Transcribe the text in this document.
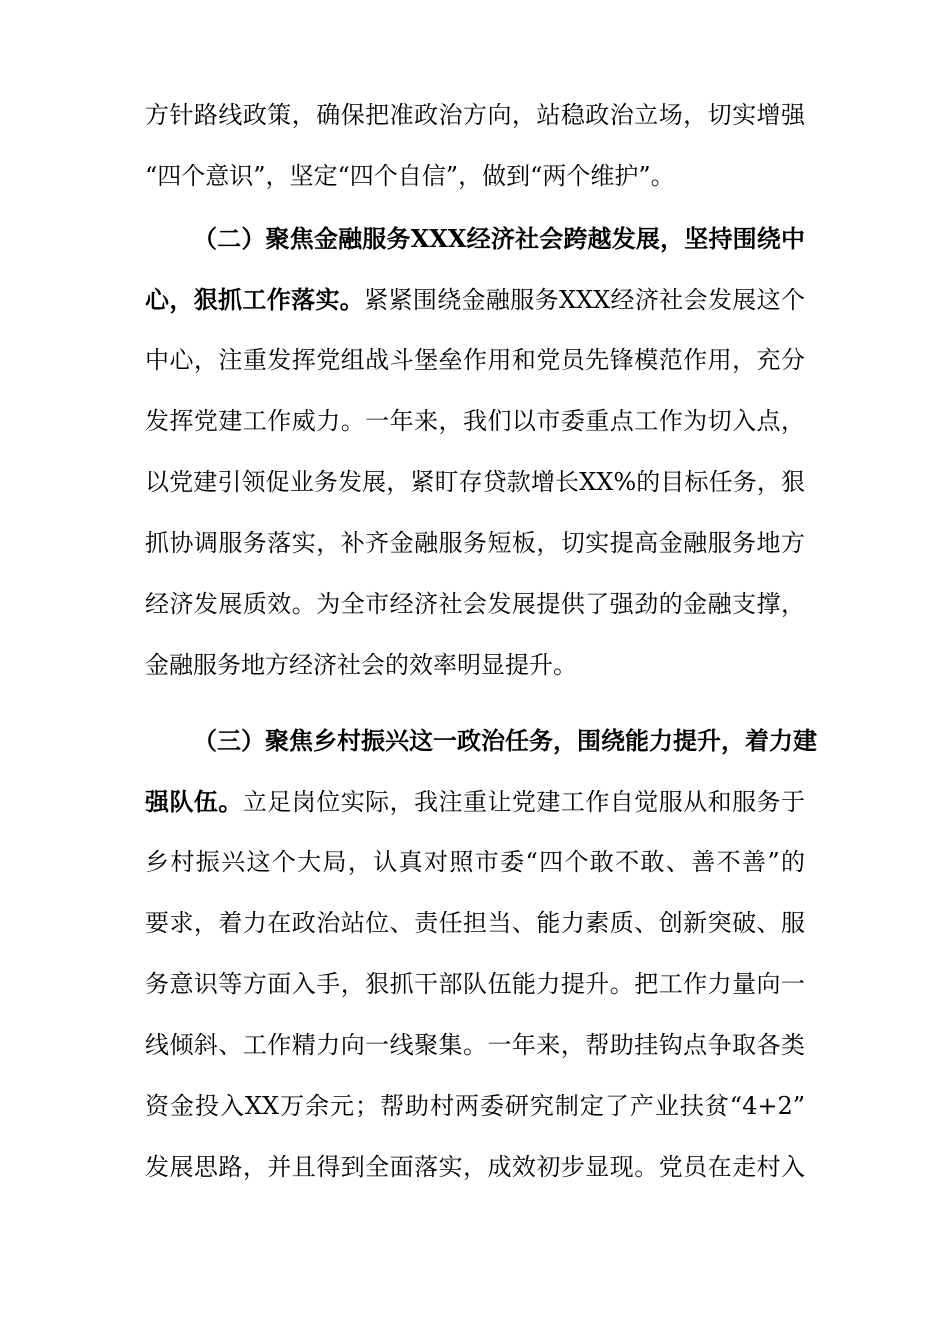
方针路线政策，确保把准政治方向，站稳政治立场，切实增强
“四个意识”，坚定“四个自信”，做到“两个维护”。
（二）聚焦金融服务XXX经济社会跨越发展，坚持围绕中
心，狠抓工作落实。紧紧围绕金融服务XXX经济社会发展这个
中心，注重发挥党组战斗堡垒作用和党员先锋模范作用，充分
发挥党建工作威力。一年来，我们以市委重点工作为切入点，
以党建引领促业务发展，紧盯存贷款增长XX%的目标任务，狠
抓协调服务落实，补齐金融服务短板，切实提高金融服务地方
经济发展质效。为全市经济社会发展提供了强劲的金融支撑，
金融服务地方经济社会的效率明显提升。
（三）聚焦乡村振兴这一政治任务，围绕能力提升，着力建
强队伍。立足岗位实际，我注重让党建工作自觉服从和服务于
乡村振兴这个大局，认真对照市委“四个敢不敢、善不善”的
要求，着力在政治站位、责任担当、能力素质、创新突破、服
务意识等方面入手，狠抓干部队伍能力提升。把工作力量向一
线倾斜、工作精力向一线聚集。一年来，帮助挂钩点争取各类
资金投入XX万余元；帮助村两委研究制定了产业扶贫“4+2”
发展思路，并且得到全面落实，成效初步显现。党员在走村入
